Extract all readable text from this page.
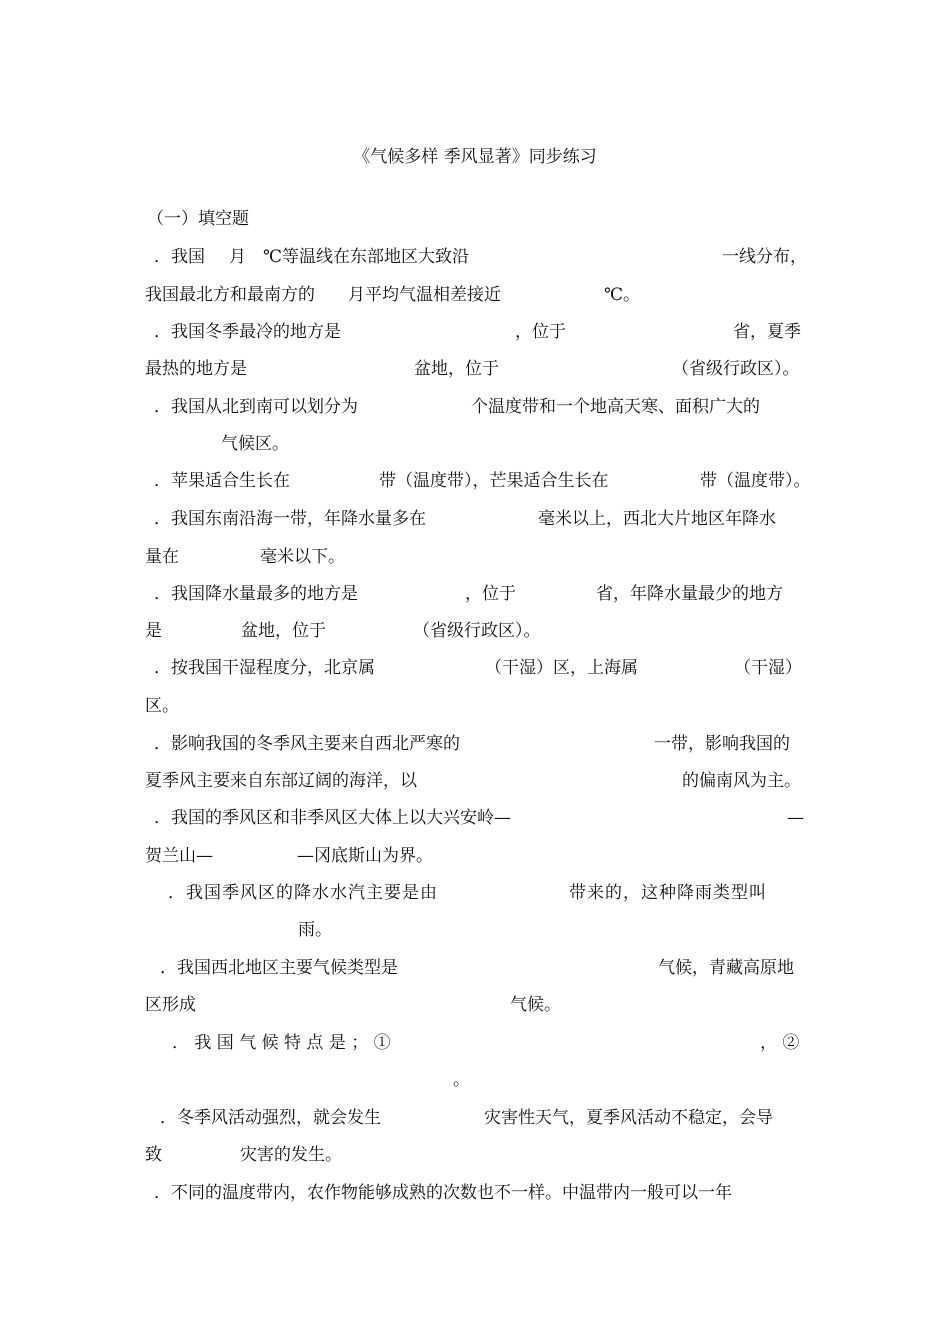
《气候多样 季风显著》同步练习
（一）填空题
．我国 月 ℃等温线在东部地区大致沿	一线分布，
我国最北方和最南方的 月平均气温相差接近	℃。
．我国冬季最冷的地方是	，位于	省，夏季
最热的地方是	盆地，位于	（省级行政区）。
．我国从北到南可以划分为	个温度带和一个地高天寒、面积广大的
气候区。
．苹果适合生长在	带（温度带），芒果适合生长在	带（温度带）。
．我国东南沿海一带，年降水量多在	毫米以上，西北大片地区年降水
量在	毫米以下。
．我国降水量最多的地方是	，位于	省，年降水量最少的地方
是	盆地，位于	（省级行政区）。
．按我国干湿程度分，北京属	（干湿）区，上海属	（干湿）
区。
．影响我国的冬季风主要来自西北严寒的	一带，影响我国的
夏季风主要来自东部辽阔的海洋，以	的偏南风为主。
．我国的季风区和非季风区大体上以大兴安岭—	—
贺兰山—	—冈底斯山为界。
．我国季风区的降水水汽主要是由	带来的，这种降雨类型叫
雨。
．我国西北地区主要气候类型是	气候，青藏高原地
区形成	气候。
． 我 国 气 候 特 点 是 ； ①	， ②
。
．冬季风活动强烈，就会发生	灾害性天气，夏季风活动不稳定，会导
致	灾害的发生。
．不同的温度带内，农作物能够成熟的次数也不一样。中温带内一般可以一年
